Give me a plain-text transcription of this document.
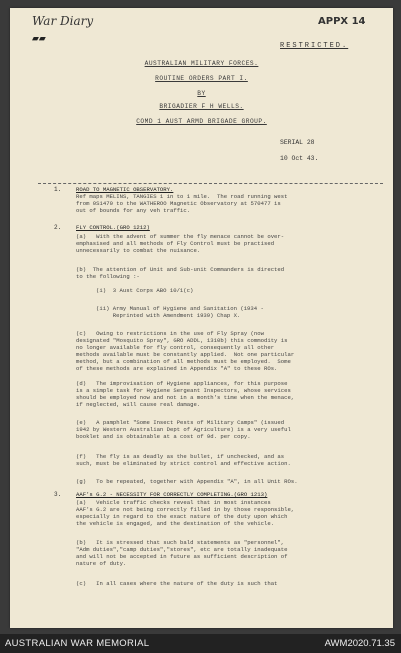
War Diary
▰▰
APPX 14
RESTRICTED.
AUSTRALIAN MILITARY FORCES.
ROUTINE ORDERS PART I.
BY
BRIGADIER F H WELLS.
COMD 1 AUST ARMD BRIGADE GROUP.
SERIAL 28
10 Oct 43.
1.	ROAD TO MAGNETIC OBSERVATORY.
Ref maps MELINS, TANGIES 1 in to 1 mile.  The road running west
from 0S1470 to the WATHEROO Magnetic Observatory at 570477 is
out of bounds for any veh traffic.
2.	FLY CONTROL.(GRO 1212)
(a)   With the advent of summer the fly menace cannot be over-
emphasised and all methods of Fly Control must be practised
unnecessarily to combat the nuisance.
(b)  The attention of Unit and Sub-unit Commanders is directed
to the following :-
(i)  3 Aust Corps ABO 10/1(c)
(ii) Army Manual of Hygiene and Sanitation (1934 -
Reprinted with Amendment 1939) Chap X.
(c)   Owing to restrictions in the use of Fly Spray (now
designated "Mosquito Spray", GRO ADDL, 1310b) this commodity is
no longer available for fly control, consequently all other
methods available must be constantly applied.  Not one particular
method, but a combination of all methods must be employed.  Some
of these methods are explained in Appendix "A" to these ROs.
(d)   The improvisation of Hygiene appliances, for this purpose
is a simple task for Hygiene Sergeant Inspectors, whose services
should be employed now and not in a month's time when the menace,
if neglected, will cause real damage.
(e)   A pamphlet "Some Insect Pests of Military Camps" (issued
1942 by Western Australian Dept of Agriculture) is a very useful
booklet and is obtainable at a cost of 9d. per copy.
(f)   The fly is as deadly as the bullet, if unchecked, and as
such, must be eliminated by strict control and effective action.
(g)   To be repeated, together with Appendix "A", in all Unit ROs.
3.	AAF's G.2 - NECESSITY FOR CORRECTLY COMPLETING.(GRO 1213)
(a)   Vehicle traffic checks reveal that in most instances
AAF's G.2 are not being correctly filled in by those responsible,
especially in regard to the exact nature of the duty upon which
the vehicle is engaged, and the destination of the vehicle.
(b)   It is stressed that such bald statements as "personnel",
"Adm duties","camp duties","stores", etc are totally inadequate
and will not be accepted in future as sufficient description of
nature of duty.
(c)   In all cases where the nature of the duty is such that
AUSTRALIAN WAR MEMORIAL	AWM2020.71.35
